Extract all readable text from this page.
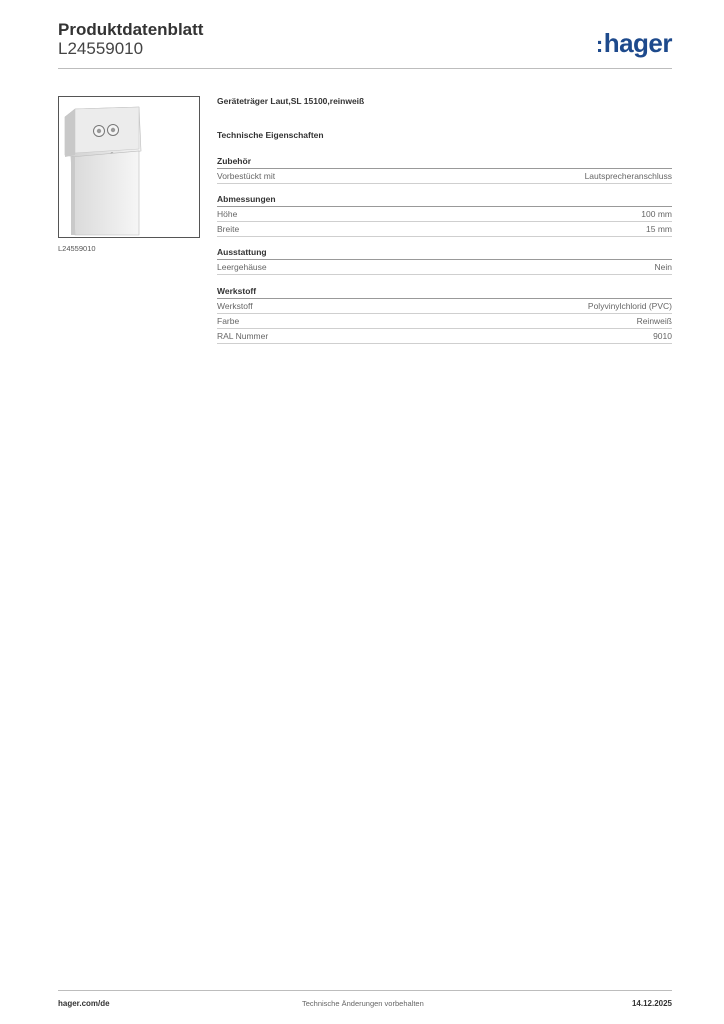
Produktdatenblatt
L24559010	:hager
L24559010
Geräteträger Laut,SL 15100,reinweiß
Technische Eigenschaften
Zubehör
Vorbestückt mit	Lautsprecheranschluss
Abmessungen
Höhe	100 mm
Breite	15 mm
Ausstattung
Leergehäuse	Nein
Werkstoff
Werkstoff	Polyvinylchlorid (PVC)
Farbe	Reinweiß
RAL Nummer	9010
hager.com/de	Technische Änderungen vorbehalten	14.12.2025
